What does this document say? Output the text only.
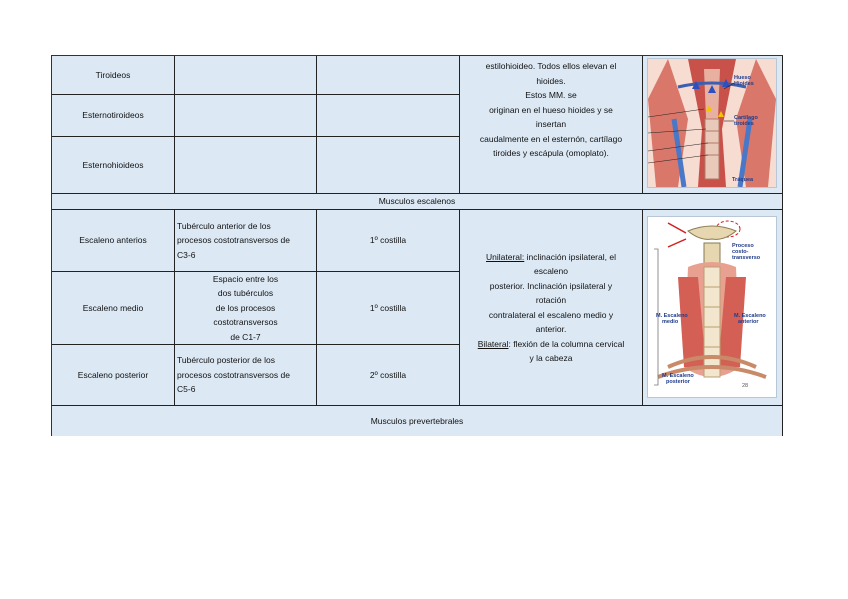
Tiroideos
Esternotiroideos
Esternohioideos
estilohioideo. Todos ellos elevan el
hioides.
Estos MM. se
originan en el hueso hioides y se
insertan
caudalmente en el esternón, cartílago
tiroides y escápula (omoplato).
Hueso Hioides
Cartílago tiroides
Tráquea
Musculos escalenos
Escaleno anterios
Tubérculo anterior de los
procesos costotransversos de
C3-6
1º costilla
Escaleno medio
Espacio entre los
dos tubérculos
de los procesos
costotransversos
de C1-7
1º costilla
Escaleno posterior
Tubérculo posterior de los
procesos costotransversos de
C5-6
2º costilla
Unilateral: inclinación ipsilateral, el
escaleno
posterior. Inclinación ipsilateral y
rotación
contralateral el escaleno medio y
anterior.
Bilateral: flexión de la columna cervical
y la cabeza
Proceso costo-transverso
M. Escaleno medio
M. Escaleno anterior
M. Escaleno posterior
28
Musculos prevertebrales
